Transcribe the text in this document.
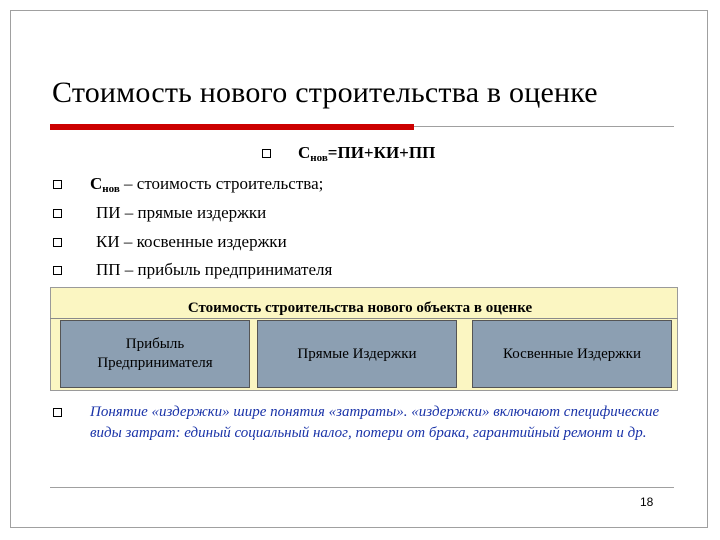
Стоимость нового строительства в оценке
$С_{нов}=ПИ+КИ+ПП$
$С_{нов}$ – стоимость строительства;
ПИ – прямые издержки
КИ – косвенные издержки
ПП – прибыль предпринимателя
Стоимость строительства нового объекта в оценке
Прибыль
Предпринимателя
Прямые Издержки	Косвенные Издержки
Понятие «издержки» шире понятия «затраты». «издержки» включают специфические виды затрат: единый социальный налог, потери от брака, гарантийный ремонт и др.
18
